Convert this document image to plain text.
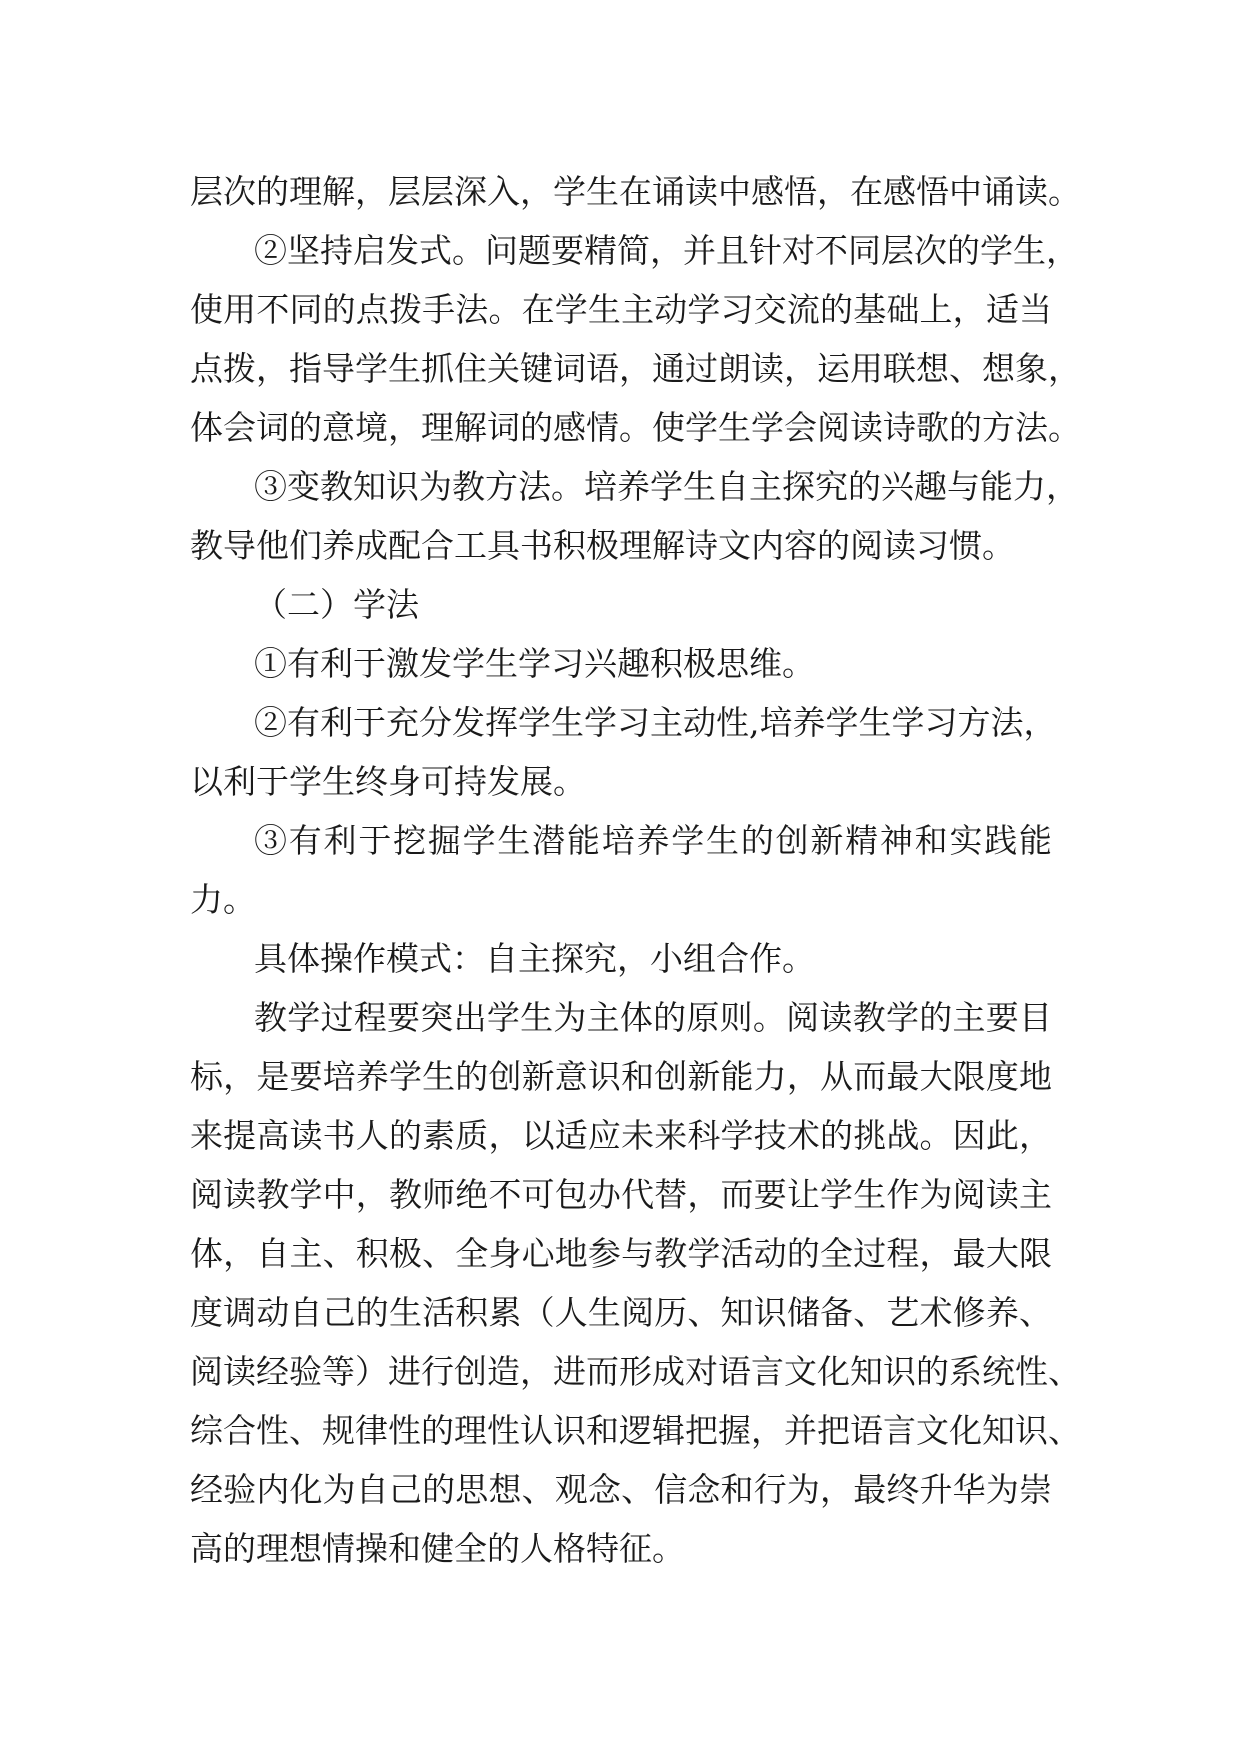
层次的理解，层层深入，学生在诵读中感悟，在感悟中诵读。
②坚持启发式。问题要精简，并且针对不同层次的学生，
使用不同的点拨手法。在学生主动学习交流的基础上，适当
点拨，指导学生抓住关键词语，通过朗读，运用联想、想象，
体会词的意境，理解词的感情。使学生学会阅读诗歌的方法。
③变教知识为教方法。培养学生自主探究的兴趣与能力，
教导他们养成配合工具书积极理解诗文内容的阅读习惯。
（二）学法
①有利于激发学生学习兴趣积极思维。
②有利于充分发挥学生学习主动性,培养学生学习方法，
以利于学生终身可持发展。
③有利于挖掘学生潜能培养学生的创新精神和实践能
力。
具体操作模式：自主探究，小组合作。
教学过程要突出学生为主体的原则。阅读教学的主要目
标，是要培养学生的创新意识和创新能力，从而最大限度地
来提高读书人的素质，以适应未来科学技术的挑战。因此，
阅读教学中，教师绝不可包办代替，而要让学生作为阅读主
体，自主、积极、全身心地参与教学活动的全过程，最大限
度调动自己的生活积累（人生阅历、知识储备、艺术修养、
阅读经验等）进行创造，进而形成对语言文化知识的系统性、
综合性、规律性的理性认识和逻辑把握，并把语言文化知识、
经验内化为自己的思想、观念、信念和行为，最终升华为崇
高的理想情操和健全的人格特征。
